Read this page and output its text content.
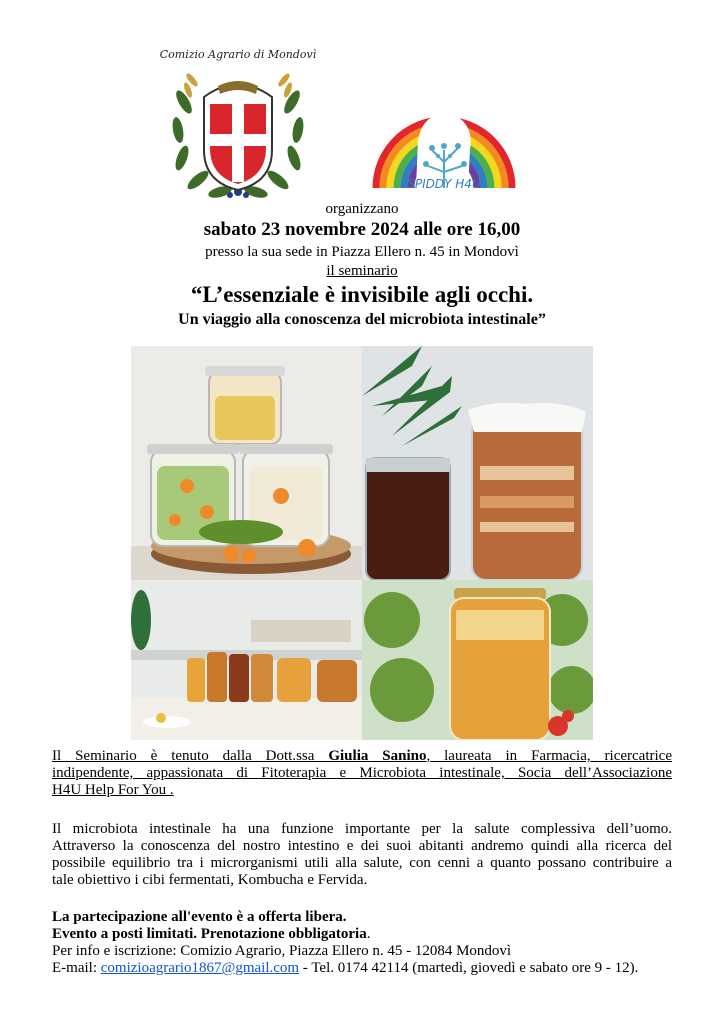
Comizio Agrario di Mondovì
SPIDDY H4U
organizzano
sabato 23 novembre 2024 alle ore 16,00
presso la sua sede in Piazza Ellero n. 45 in Mondovì
il seminario
“L’essenziale è invisibile agli occhi.
Un viaggio alla conoscenza del microbiota intestinale”
Il Seminario è tenuto dalla Dott.ssa Giulia Sanino, laureata in Farmacia, ricercatrice
indipendente, appassionata di Fitoterapia e Microbiota intestinale, Socia dell’Associazione
H4U Help For You .
Il microbiota intestinale ha una funzione importante per la salute complessiva dell’uomo.
Attraverso la conoscenza del nostro intestino e dei suoi abitanti andremo quindi alla ricerca del
possibile equilibrio tra i microrganismi utili alla salute, con cenni a quanto possano contribuire a
tale obiettivo i cibi fermentati, Kombucha e Fervida.
La partecipazione all'evento è a offerta libera.
Evento a posti limitati. Prenotazione obbligatoria.
Per info e iscrizione: Comizio Agrario, Piazza Ellero n. 45 - 12084 Mondovì
E-mail: comizioagrario1867@gmail.com - Tel. 0174 42114 (martedì, giovedì e sabato ore 9 - 12).
